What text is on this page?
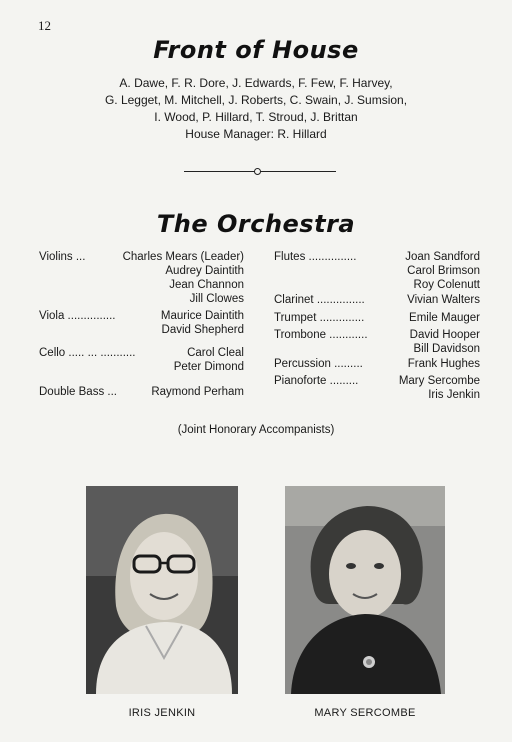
12
Front of House
A. Dawe, F. R. Dore, J. Edwards, F. Few, F. Harvey,
G. Legget, M. Mitchell, J. Roberts, C. Swain, J. Sumsion,
I. Wood, P. Hillard, T. Stroud, J. Brittan
House Manager: R. Hillard
The Orchestra
Violins ...	Charles Mears (Leader)
Audrey Daintith
Jean Channon
Jill Clowes
Viola ...............	Maurice Daintith
David Shepherd
Cello ..... ... ...........	Carol Cleal
Peter Dimond
Double Bass ...	Raymond Perham
Flutes ...............	Joan Sandford
Carol Brimson
Roy Colenutt
Clarinet ...............	Vivian Walters
Trumpet ..............	Emile Mauger
Trombone ............	David Hooper
Bill Davidson
Percussion .........	Frank Hughes
Pianoforte .........	Mary Sercombe
Iris Jenkin
(Joint Honorary Accompanists)
IRIS JENKIN	MARY SERCOMBE
